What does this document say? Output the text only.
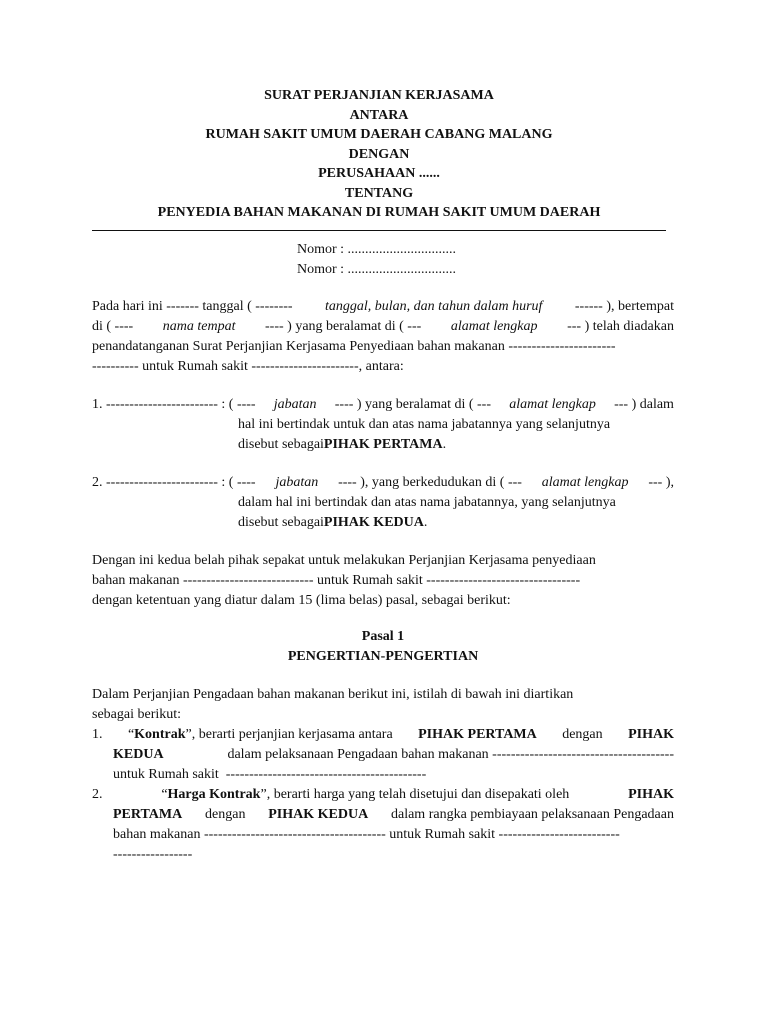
SURAT PERJANJIAN KERJASAMA
ANTARA
RUMAH SAKIT UMUM DAERAH CABANG MALANG
DENGAN
PERUSAHAAN ......
TENTANG
PENYEDIA BAHAN MAKANAN DI RUMAH SAKIT UMUM DAERAH
Nomor : ...............................
Nomor : ...............................
Pada hari ini ------- tanggal ( -------- tanggal, bulan, dan tahun dalam huruf ------ ), bertempat
di ( ---- nama tempat ---- ) yang beralamat di ( --- alamat lengkap --- ) telah diadakan
penandatanganan Surat Perjanjian Kerjasama Penyediaan bahan makanan -----------------------
---------- untuk Rumah sakit -----------------------, antara:
1. ------------------------ : ( ---- jabatan ---- ) yang beralamat di ( --- alamat lengkap --- ) dalam
hal ini bertindak untuk dan atas nama jabatannya yang selanjutnya
disebut sebagai PIHAK PERTAMA .
2. ------------------------ : ( ---- jabatan ---- ), yang berkedudukan di ( --- alamat lengkap --- ),
dalam hal ini bertindak dan atas nama jabatannya, yang selanjutnya
disebut sebagai PIHAK KEDUA .
Dengan ini kedua belah pihak sepakat untuk melakukan Perjanjian Kerjasama penyediaan
bahan makanan ---------------------------- untuk Rumah sakit ---------------------------------
dengan ketentuan yang diatur dalam 15 (lima belas) pasal, sebagai berikut:
Pasal 1
PENGERTIAN-PENGERTIAN
Dalam Perjanjian Pengadaan bahan makanan berikut ini, istilah di bawah ini diartikan
sebagai berikut:
1. “Kontrak”, berarti perjanjian kerjasama antara PIHAK PERTAMA dengan PIHAK
KEDUA	dalam pelaksanaan Pengadaan bahan makanan ---------------------------------------
untuk Rumah sakit  -------------------------------------------
2.	“Harga Kontrak”, berarti harga yang telah disetujui dan disepakati oleh	PIHAK
PERTAMA dengan PIHAK KEDUA dalam rangka pembiayaan pelaksanaan Pengadaan
bahan makanan --------------------------------------- untuk Rumah sakit --------------------------
-----------------
